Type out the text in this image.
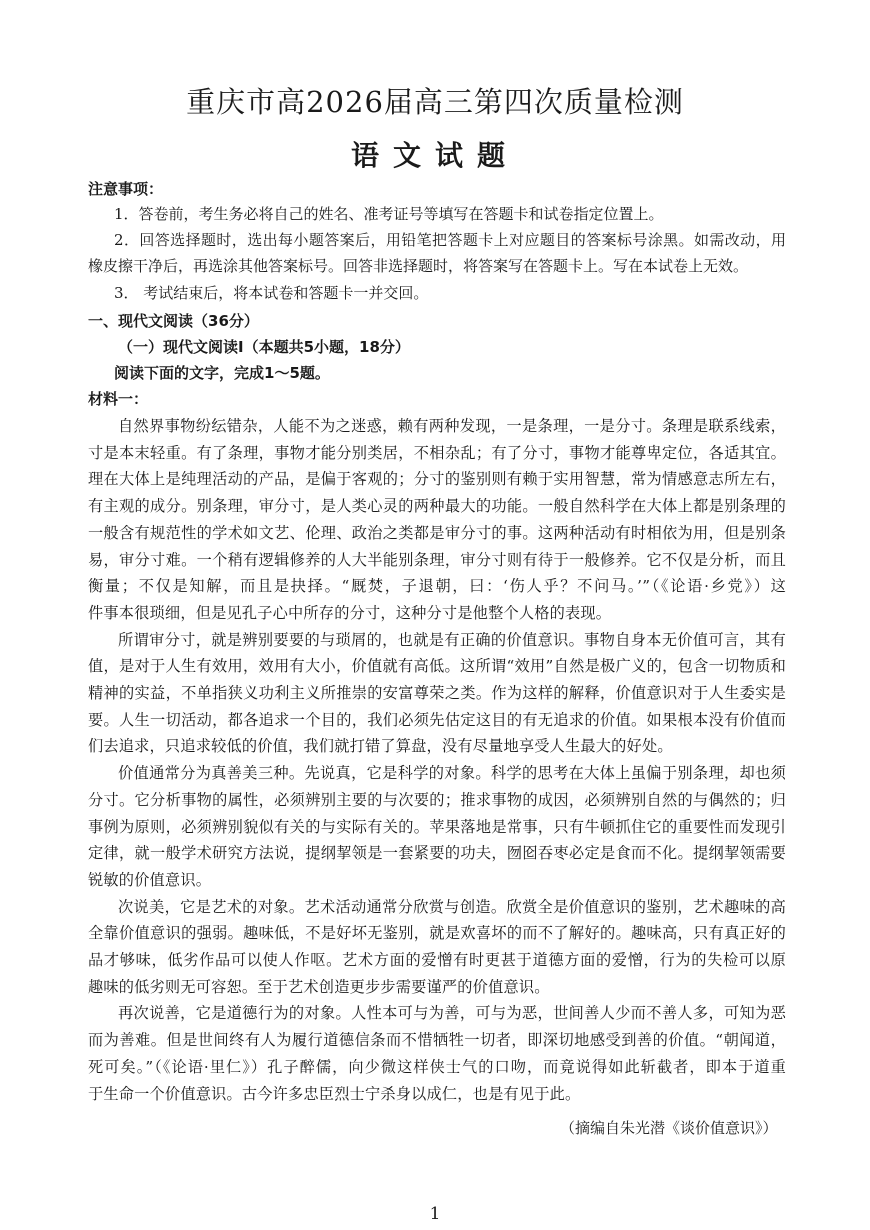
重庆市高2026届高三第四次质量检测
语文试题
注意事项：
1．答卷前，考生务必将自己的姓名、准考证号等填写在答题卡和试卷指定位置上。
2．回答选择题时，选出每小题答案后，用铅笔把答题卡上对应题目的答案标号涂黑。如需改动，用
橡皮擦干净后，再选涂其他答案标号。回答非选择题时，将答案写在答题卡上。写在本试卷上无效。
3． 考试结束后，将本试卷和答题卡一并交回。
一、现代文阅读（36分）
（一）现代文阅读Ⅰ（本题共5小题，18分）
阅读下面的文字，完成1～5题。
材料一：
自然界事物纷纭错杂，人能不为之迷惑，赖有两种发现，一是条理，一是分寸。条理是联系线索，
寸是本末轻重。有了条理，事物才能分别类居，不相杂乱；有了分寸，事物才能尊卑定位，各适其宜。
理在大体上是纯理活动的产品，是偏于客观的；分寸的鉴别则有赖于实用智慧，常为情感意志所左右，
有主观的成分。别条理，审分寸，是人类心灵的两种最大的功能。一般自然科学在大体上都是别条理的
一般含有规范性的学术如文艺、伦理、政治之类都是审分寸的事。这两种活动有时相依为用，但是别条
易，审分寸难。一个稍有逻辑修养的人大半能别条理，审分寸则有待于一般修养。它不仅是分析，而且
衡量；不仅是知解，而且是抉择。“厩焚，子退朝，曰：‘伤人乎？不问马。’”（《论语·乡党》）这
件事本很琐细，但是见孔子心中所存的分寸，这种分寸是他整个人格的表现。
所谓审分寸，就是辨别要要的与琐屑的，也就是有正确的价值意识。事物自身本无价值可言，其有
值，是对于人生有效用，效用有大小，价值就有高低。这所谓“效用”自然是极广义的，包含一切物质和
精神的实益，不单指狭义功利主义所推崇的安富尊荣之类。作为这样的解释，价值意识对于人生委实是
要。人生一切活动，都各追求一个目的，我们必须先估定这目的有无追求的价值。如果根本没有价值而
们去追求，只追求较低的价值，我们就打错了算盘，没有尽量地享受人生最大的好处。
价值通常分为真善美三种。先说真，它是科学的对象。科学的思考在大体上虽偏于别条理，却也须
分寸。它分析事物的属性，必须辨别主要的与次要的；推求事物的成因，必须辨别自然的与偶然的；归
事例为原则，必须辨别貌似有关的与实际有关的。苹果落地是常事，只有牛顿抓住它的重要性而发现引
定律，就一般学术研究方法说，提纲挈领是一套紧要的功夫，囫囵吞枣必定是食而不化。提纲挈领需要
锐敏的价值意识。
次说美，它是艺术的对象。艺术活动通常分欣赏与创造。欣赏全是价值意识的鉴别，艺术趣味的高
全靠价值意识的强弱。趣味低，不是好坏无鉴别，就是欢喜坏的而不了解好的。趣味高，只有真正好的
品才够味，低劣作品可以使人作呕。艺术方面的爱憎有时更甚于道德方面的爱憎，行为的失检可以原
趣味的低劣则无可容恕。至于艺术创造更步步需要谨严的价值意识。
再次说善，它是道德行为的对象。人性本可与为善，可与为恶，世间善人少而不善人多，可知为恶
而为善难。但是世间终有人为履行道德信条而不惜牺牲一切者，即深切地感受到善的价值。“朝闻道，
死可矣。”（《论语·里仁》）孔子醉儒，向少微这样侠士气的口吻，而竟说得如此斩截者，即本于道重
于生命一个价值意识。古今许多忠臣烈士宁杀身以成仁，也是有见于此。
（摘编自朱光潜《谈价值意识》）
1
